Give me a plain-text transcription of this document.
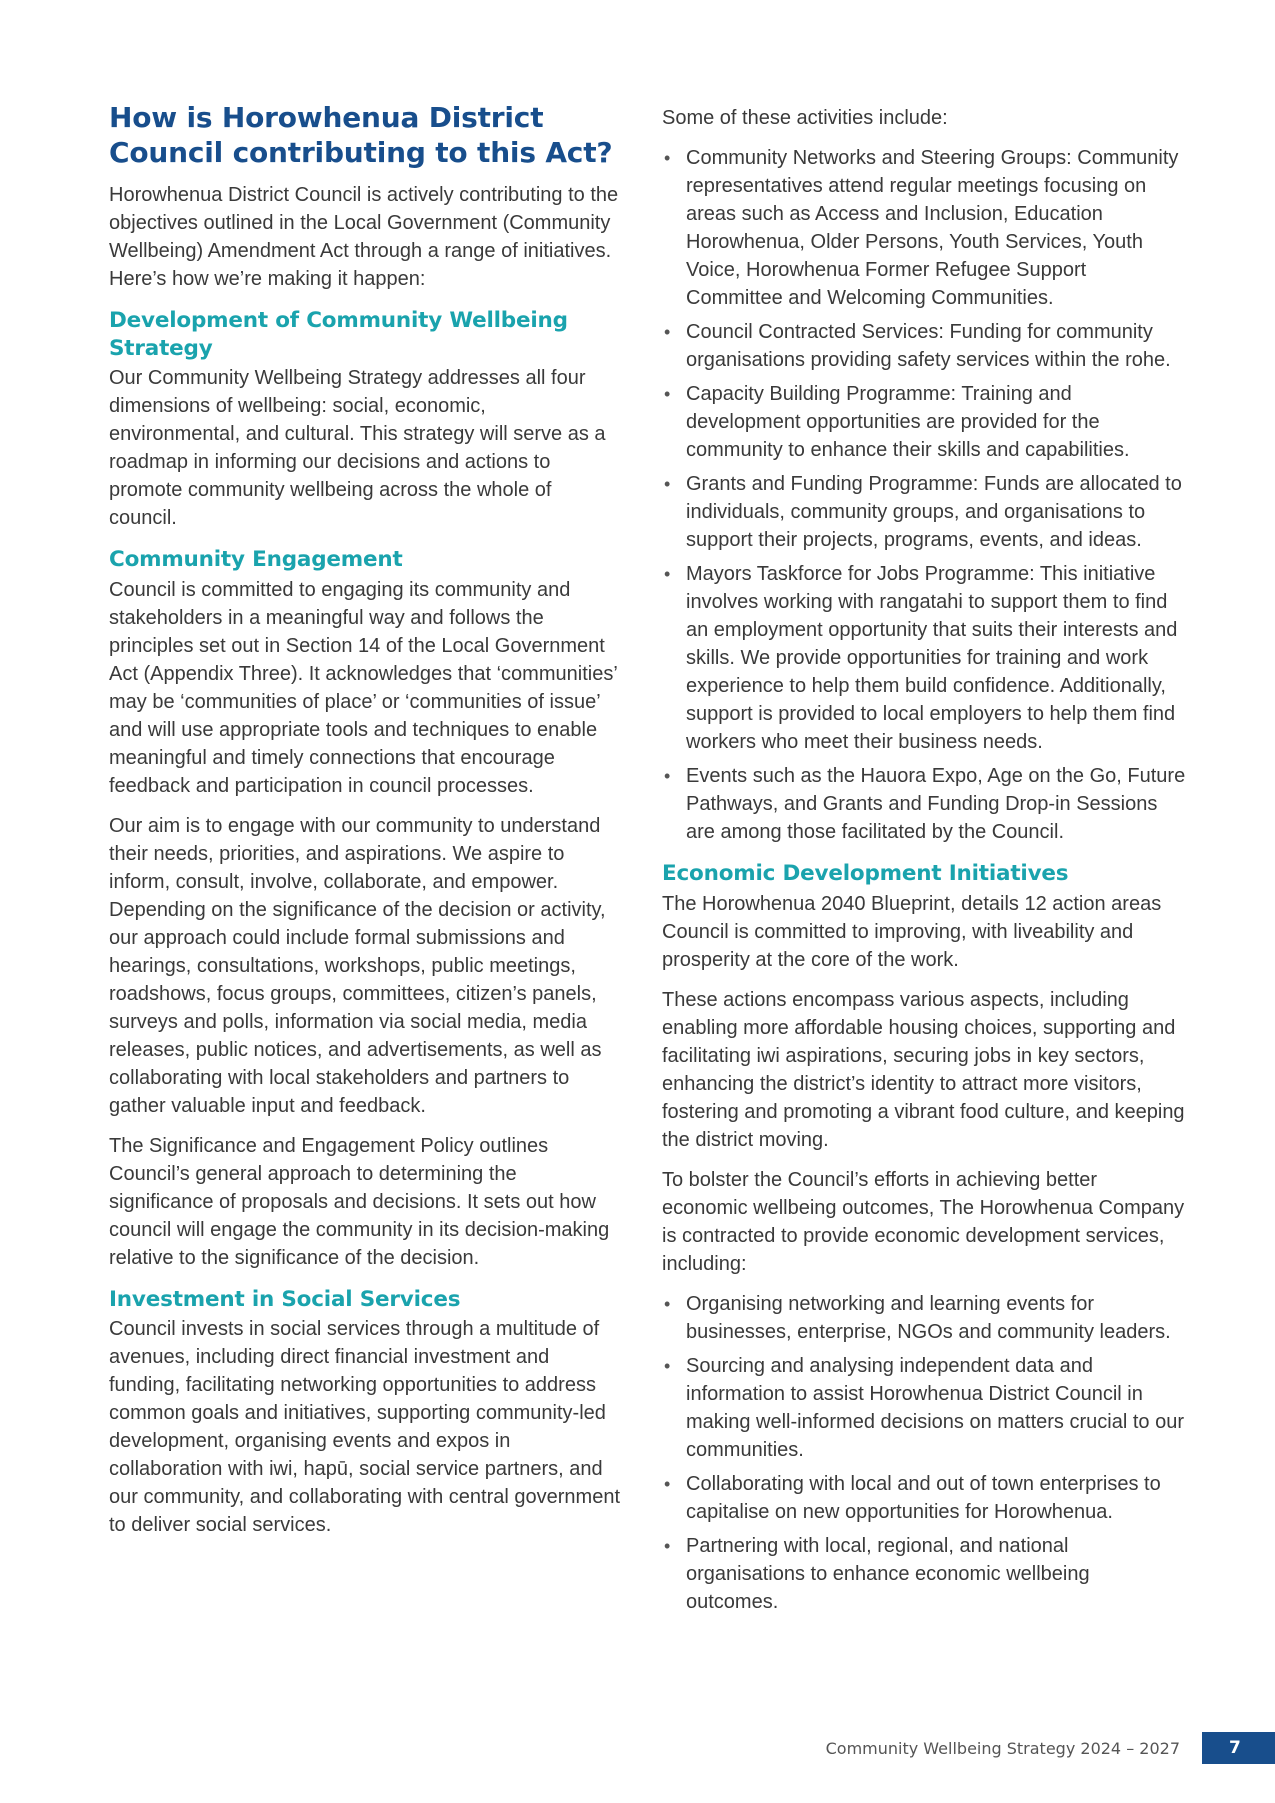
How is Horowhenua District Council contributing to this Act?

Horowhenua District Council is actively contributing to the objectives outlined in the Local Government (Community Wellbeing) Amendment Act through a range of initiatives. Here’s how we’re making it happen:

Development of Community Wellbeing Strategy

Our Community Wellbeing Strategy addresses all four dimensions of wellbeing: social, economic, environmental, and cultural. This strategy will serve as a roadmap in informing our decisions and actions to promote community wellbeing across the whole of council.

Community Engagement

Council is committed to engaging its community and stakeholders in a meaningful way and follows the principles set out in Section 14 of the Local Government Act (Appendix Three). It acknowledges that ‘communities’ may be ‘communities of place’ or ‘communities of issue’ and will use appropriate tools and techniques to enable meaningful and timely connections that encourage feedback and participation in council processes.

Our aim is to engage with our community to understand their needs, priorities, and aspirations. We aspire to inform, consult, involve, collaborate, and empower. Depending on the significance of the decision or activity, our approach could include formal submissions and hearings, consultations, workshops, public meetings, roadshows, focus groups, committees, citizen’s panels, surveys and polls, information via social media, media releases, public notices, and advertisements, as well as collaborating with local stakeholders and partners to gather valuable input and feedback.

The Significance and Engagement Policy outlines Council’s general approach to determining the significance of proposals and decisions. It sets out how council will engage the community in its decision-making relative to the significance of the decision.

Investment in Social Services

Council invests in social services through a multitude of avenues, including direct financial investment and funding, facilitating networking opportunities to address common goals and initiatives, supporting community-led development, organising events and expos in collaboration with iwi, hapū, social service partners, and our community, and collaborating with central government to deliver social services.

Some of these activities include:

• Community Networks and Steering Groups: Community representatives attend regular meetings focusing on areas such as Access and Inclusion, Education Horowhenua, Older Persons, Youth Services, Youth Voice, Horowhenua Former Refugee Support Committee and Welcoming Communities.
• Council Contracted Services: Funding for community organisations providing safety services within the rohe.
• Capacity Building Programme: Training and development opportunities are provided for the community to enhance their skills and capabilities.
• Grants and Funding Programme: Funds are allocated to individuals, community groups, and organisations to support their projects, programs, events, and ideas.
• Mayors Taskforce for Jobs Programme: This initiative involves working with rangatahi to support them to find an employment opportunity that suits their interests and skills. We provide opportunities for training and work experience to help them build confidence. Additionally, support is provided to local employers to help them find workers who meet their business needs.
• Events such as the Hauora Expo, Age on the Go, Future Pathways, and Grants and Funding Drop-in Sessions are among those facilitated by the Council.
Economic Development Initiatives

The Horowhenua 2040 Blueprint, details 12 action areas Council is committed to improving, with liveability and prosperity at the core of the work.

These actions encompass various aspects, including enabling more affordable housing choices, supporting and facilitating iwi aspirations, securing jobs in key sectors, enhancing the district’s identity to attract more visitors, fostering and promoting a vibrant food culture, and keeping the district moving.

To bolster the Council’s efforts in achieving better economic wellbeing outcomes, The Horowhenua Company is contracted to provide economic development services, including:

• Organising networking and learning events for businesses, enterprise, NGOs and community leaders.
• Sourcing and analysing independent data and information to assist Horowhenua District Council in making well-informed decisions on matters crucial to our communities.
• Collaborating with local and out of town enterprises to capitalise on new opportunities for Horowhenua.
• Partnering with local, regional, and national organisations to enhance economic wellbeing outcomes.
Community Wellbeing Strategy 2024 – 2027	7
